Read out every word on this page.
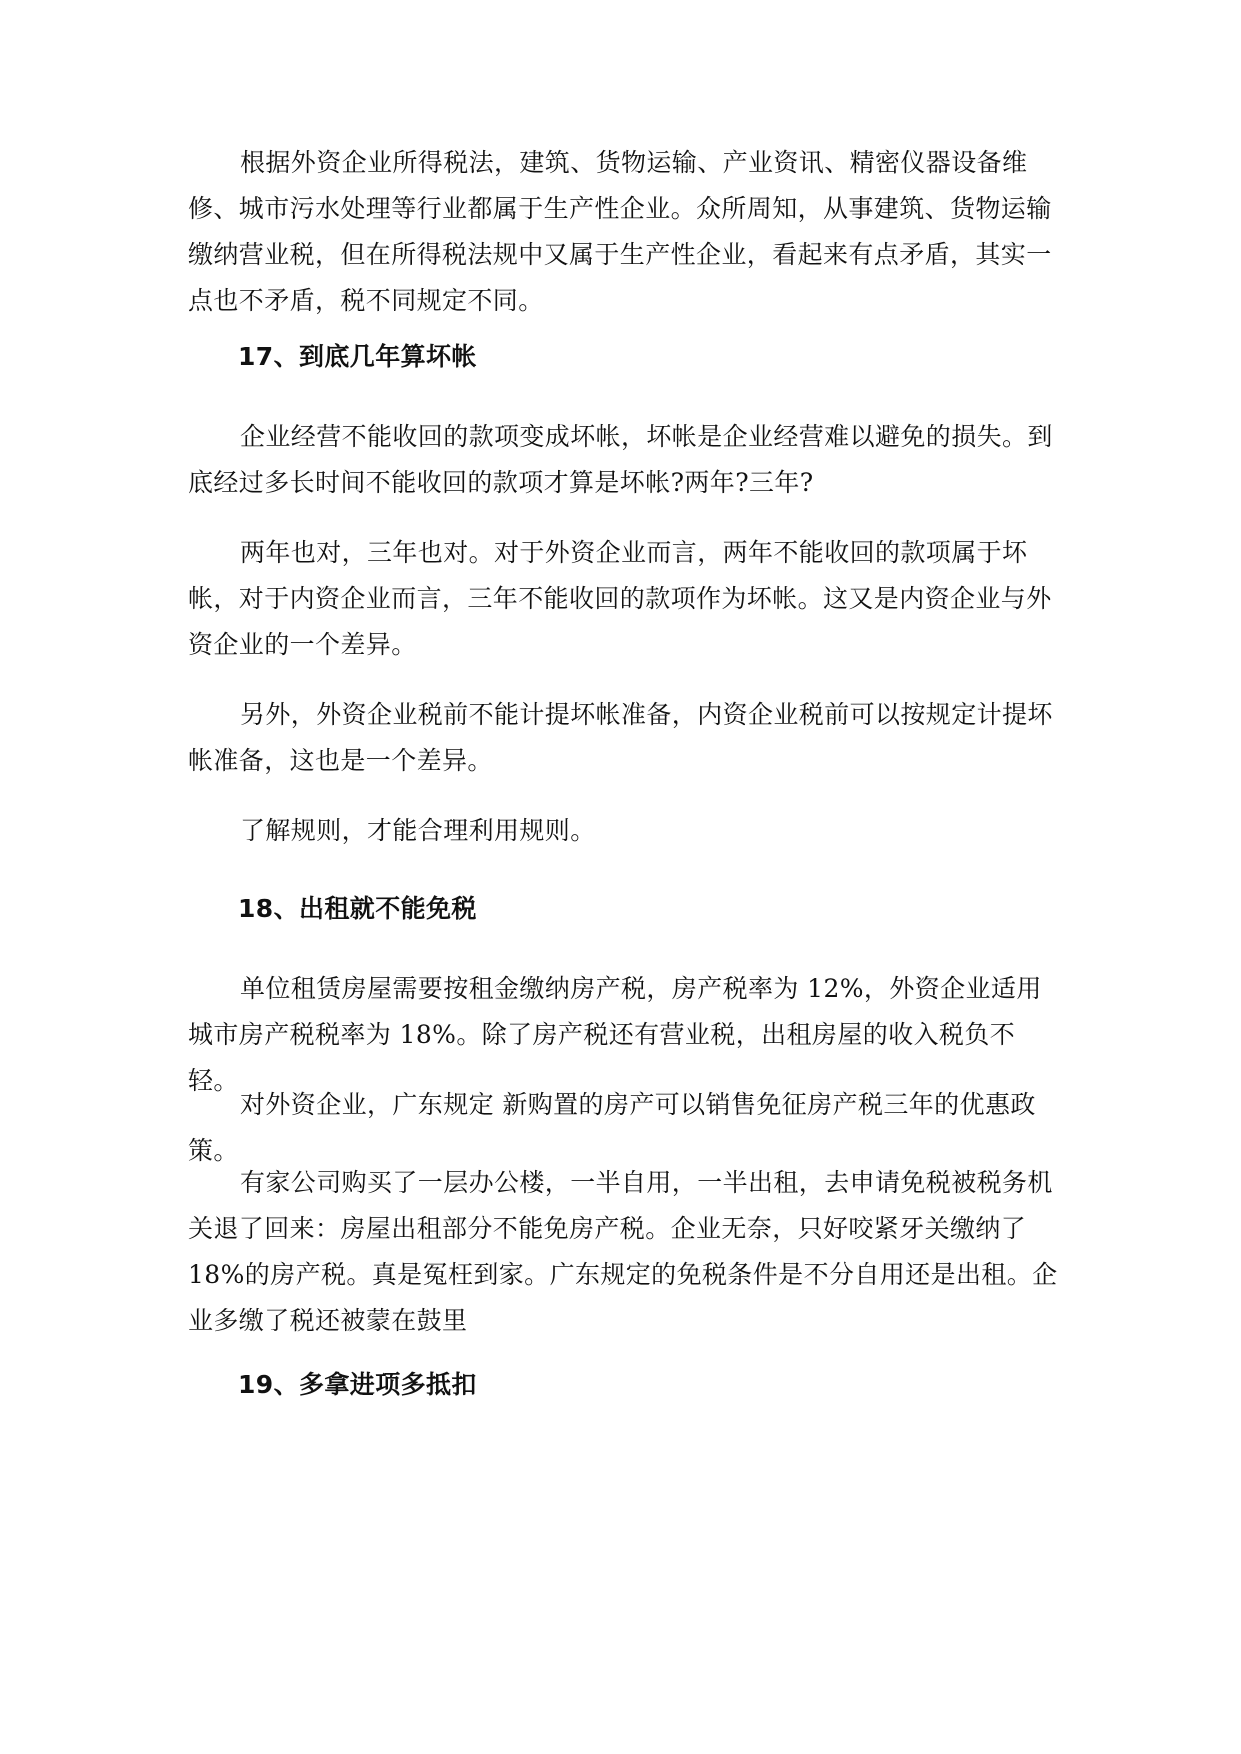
根据外资企业所得税法，建筑、货物运输、产业资讯、精密仪器设备维修、城市污水处理等行业都属于生产性企业。众所周知，从事建筑、货物运输缴纳营业税，但在所得税法规中又属于生产性企业，看起来有点矛盾，其实一点也不矛盾，税不同规定不同。

17、到底几年算坏帐

企业经营不能收回的款项变成坏帐，坏帐是企业经营难以避免的损失。到底经过多长时间不能收回的款项才算是坏帐?两年?三年?

两年也对，三年也对。对于外资企业而言，两年不能收回的款项属于坏帐，对于内资企业而言，三年不能收回的款项作为坏帐。这又是内资企业与外资企业的一个差异。

另外，外资企业税前不能计提坏帐准备，内资企业税前可以按规定计提坏帐准备，这也是一个差异。

了解规则，才能合理利用规则。

18、出租就不能免税

单位租赁房屋需要按租金缴纳房产税，房产税率为 12%，外资企业适用城市房产税税率为 18%。除了房产税还有营业税，出租房屋的收入税负不轻。

对外资企业，广东规定 新购置的房产可以销售免征房产税三年的优惠政策。

有家公司购买了一层办公楼，一半自用，一半出租，去申请免税被税务机关退了回来：房屋出租部分不能免房产税。企业无奈，只好咬紧牙关缴纳了 18%的房产税。真是冤枉到家。广东规定的免税条件是不分自用还是出租。企业多缴了税还被蒙在鼓里

19、多拿进项多抵扣
